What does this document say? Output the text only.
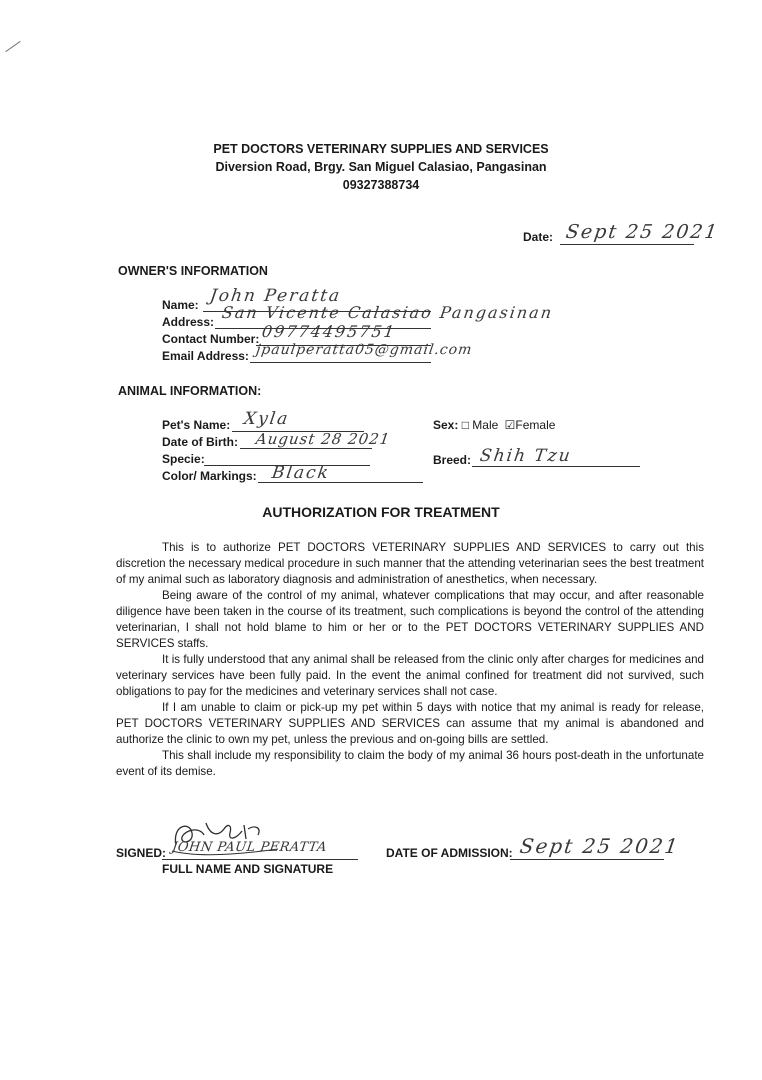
PET DOCTORS VETERINARY SUPPLIES AND SERVICES
Diversion Road, Brgy. San Miguel Calasiao, Pangasinan
09327388734
Date: Sept 25 2021
OWNER'S INFORMATION
Name: John Peratta
Address: San Vicente Calasiao Pangasinan
Contact Number: 09774495751
Email Address: jpaulperatta05@gmail.com
ANIMAL INFORMATION:
Pet's Name: Xyla
Date of Birth: August 28 2021
Specie:
Color/ Markings: Black
Sex: □ Male ☑Female
Breed: Shih Tzu
AUTHORIZATION FOR TREATMENT

This is to authorize PET DOCTORS VETERINARY SUPPLIES AND SERVICES to carry out this discretion the necessary medical procedure in such manner that the attending veterinarian sees the best treatment of my animal such as laboratory diagnosis and administration of anesthetics, when necessary.

Being aware of the control of my animal, whatever complications that may occur, and after reasonable diligence have been taken in the course of its treatment, such complications is beyond the control of the attending veterinarian, I shall not hold blame to him or her or to the PET DOCTORS VETERINARY SUPPLIES AND SERVICES staffs.

It is fully understood that any animal shall be released from the clinic only after charges for medicines and veterinary services have been fully paid. In the event the animal confined for treatment did not survived, such obligations to pay for the medicines and veterinary services shall not case.

If I am unable to claim or pick-up my pet within 5 days with notice that my animal is ready for release, PET DOCTORS VETERINARY SUPPLIES AND SERVICES can assume that my animal is abandoned and authorize the clinic to own my pet, unless the previous and on-going bills are settled.

This shall include my responsibility to claim the body of my animal 36 hours post-death in the unfortunate event of its demise.

SIGNED: JOHN PAUL PERATTA
FULL NAME AND SIGNATURE
DATE OF ADMISSION: Sept 25 2021
